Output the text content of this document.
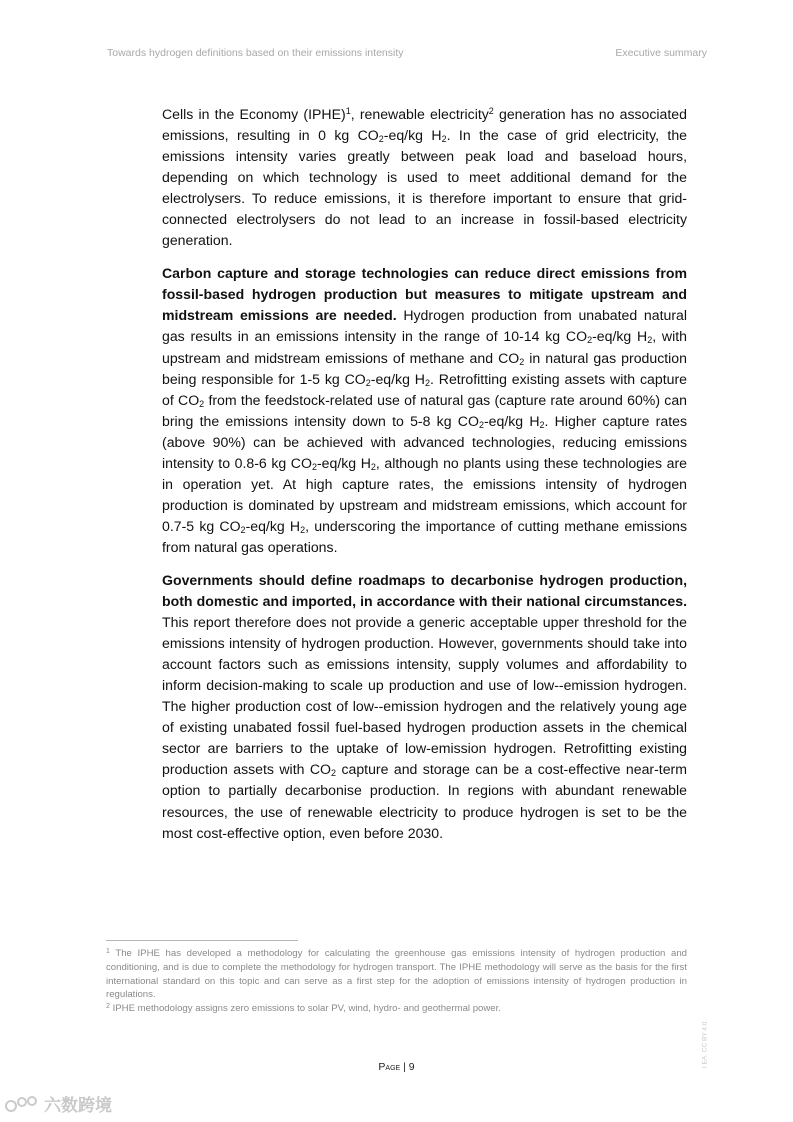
Towards hydrogen definitions based on their emissions intensity	Executive summary

Cells in the Economy (IPHE)$^1$, renewable electricity$^2$ generation has no associated emissions, resulting in 0 kg $CO_2-eq/kg$ $H_2$. In the case of grid electricity, the emissions intensity varies greatly between peak load and baseload hours, depending on which technology is used to meet additional demand for the electrolysers. To reduce emissions, it is therefore important to ensure that grid-connected electrolysers do not lead to an increase in fossil-based electricity generation.

Carbon capture and storage technologies can reduce direct emissions from fossil-based hydrogen production but measures to mitigate upstream and midstream emissions are needed. Hydrogen production from unabated natural gas results in an emissions intensity in the range of 10-14 kg $CO_2-eq/kg$ $H_2$, with upstream and midstream emissions of methane and $CO_2$ in natural gas production being responsible for 1-5 kg $CO_2-eq/kg$ $H_2$. Retrofitting existing assets with capture of $CO_2$ from the feedstock-related use of natural gas (capture rate around 60%) can bring the emissions intensity down to 5-8 kg $CO_2-eq/kg$ $H_2$. Higher capture rates (above 90%) can be achieved with advanced technologies, reducing emissions intensity to 0.8-6 kg $CO_2-eq/kg$ $H_2$, although no plants using these technologies are in operation yet. At high capture rates, the emissions intensity of hydrogen production is dominated by upstream and midstream emissions, which account for 0.7-5 kg $CO_2-eq/kg$ $H_2$, underscoring the importance of cutting methane emissions from natural gas operations.

Governments should define roadmaps to decarbonise hydrogen production, both domestic and imported, in accordance with their national circumstances. This report therefore does not provide a generic acceptable upper threshold for the emissions intensity of hydrogen production. However, governments should take into account factors such as emissions intensity, supply volumes and affordability to inform decision-making to scale up production and use of low--emission hydrogen. The higher production cost of low--emission hydrogen and the relatively young age of existing unabated fossil fuel-based hydrogen production assets in the chemical sector are barriers to the uptake of low-emission hydrogen. Retrofitting existing production assets with $CO_2$ capture and storage can be a cost-effective near-term option to partially decarbonise production. In regions with abundant renewable resources, the use of renewable electricity to produce hydrogen is set to be the most cost-effective option, even before 2030.

$^1$ The IPHE has developed a methodology for calculating the greenhouse gas emissions intensity of hydrogen production and conditioning, and is due to complete the methodology for hydrogen transport. The IPHE methodology will serve as the basis for the first international standard on this topic and can serve as a first step for the adoption of emissions intensity of hydrogen production in regulations.

$^2$ IPHE methodology assigns zero emissions to solar PV, wind, hydro- and geothermal power.

Page | 9	I EA. CC BY 4.0.
六数跨境
